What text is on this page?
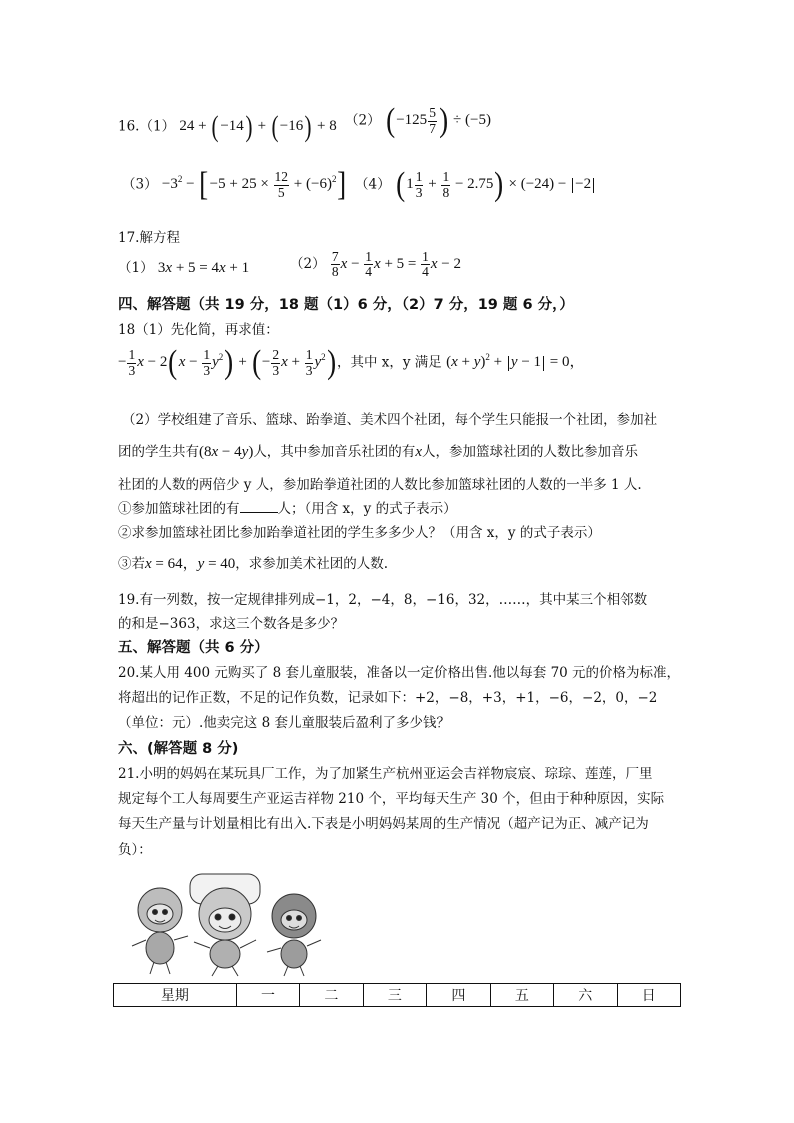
16.（1） 24 + ( −14) + ( −16) + 8 （2） ($-125 \frac{5}{7}$ ) ÷ (−5)
$(3) -3^2 - [-5 + 25 \times \frac{12}{5} + (-6)^2]$ （4） $(1 \frac{1}{3} + \frac{1}{8} - 2.75) \times (-24) - -2$
17.解方程
（1） 3x + 5 = 4x + 1	$(2) \frac{7}{8}$ $x - \frac{1}{4}$ $x + 5 = \frac{1}{4}$ x − 2
四、解答题（共 19 分，18 题（1）6 分，（2）7 分，19 题 6 分，）
18（1）先化简，再求值：
− $\frac{1}{3}$ $x - 2(x - \frac{1}{3} y^2)$ + (− $\frac{2}{3}$ $x + \frac{1}{3} y^2$)，其中 x，y 满足 $(x + y)^2 + y - 1 = 0$，
（2）学校组建了音乐、篮球、跆拳道、美术四个社团，每个学生只能报一个社团，参加社
团的学生共有(8x − 4y)人，其中参加音乐社团的有x人，参加篮球社团的人数比参加音乐
社团的人数的两倍少 y 人，参加跆拳道社团的人数比参加篮球社团的人数的一半多 1 人.
①参加篮球社团的有	人；（用含 x，y 的式子表示）
②求参加篮球社团比参加跆拳道社团的学生多多少人？（用含 x，y 的式子表示）
③若x = 64，y = 40，求参加美术社团的人数.
19.有一列数，按一定规律排列成−1，2，−4，8，−16，32，……，其中某三个相邻数
的和是−363，求这三个数各是多少？
五、解答题（共 6 分）
20.某人用 400 元购买了 8 套儿童服装，准备以一定价格出售.他以每套 70 元的价格为标准，
将超出的记作正数，不足的记作负数，记录如下：+2，−8，+3，+1，−6，−2，0，−2
（单位：元）.他卖完这 8 套儿童服装后盈利了多少钱？
六、(解答题 8 分)
21.小明的妈妈在某玩具厂工作，为了加紧生产杭州亚运会吉祥物宸宸、琮琮、莲莲，厂里
规定每个工人每周要生产亚运吉祥物 210 个，平均每天生产 30 个，但由于种种原因，实际
每天生产量与计划量相比有出入.下表是小明妈妈某周的生产情况（超产记为正、减产记为
负）：
星期	一	二	三	四	五	六	日
